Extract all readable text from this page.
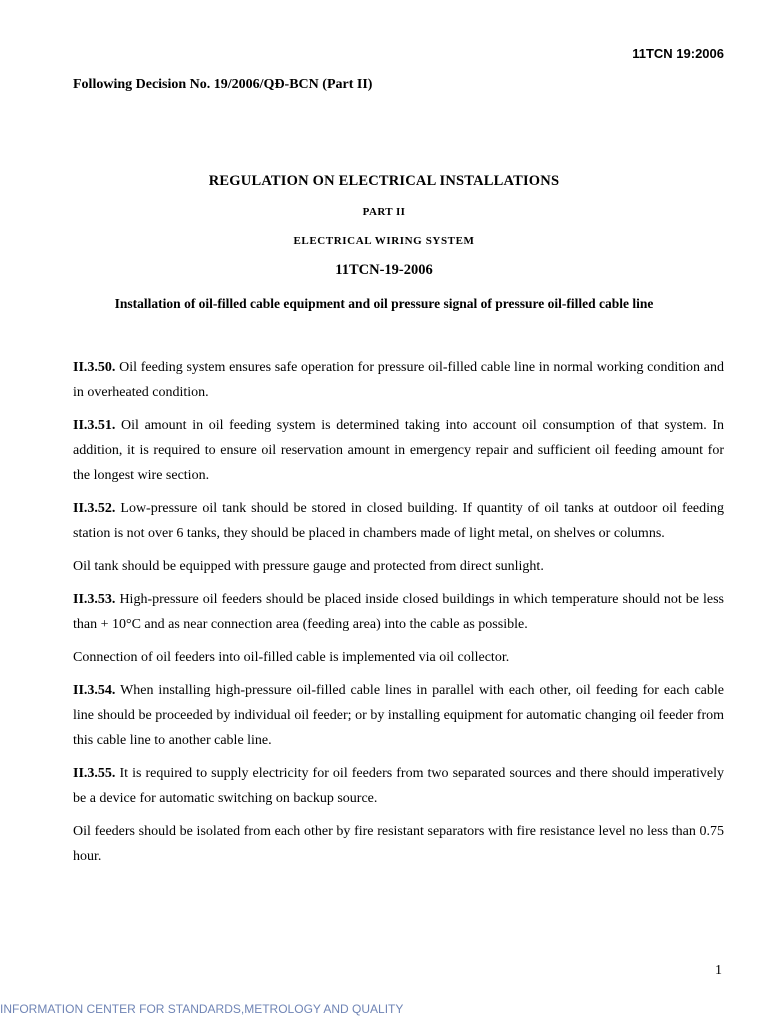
11TCN 19:2006
Following Decision No. 19/2006/QĐ-BCN (Part II)
REGULATION ON ELECTRICAL INSTALLATIONS
PART II
ELECTRICAL WIRING SYSTEM
11TCN-19-2006
Installation of oil-filled cable equipment and oil pressure signal of pressure oil-filled cable line

II.3.50. Oil feeding system ensures safe operation for pressure oil-filled cable line in normal working condition and in overheated condition.

II.3.51. Oil amount in oil feeding system is determined taking into account oil consumption of that system. In addition, it is required to ensure oil reservation amount in emergency repair and sufficient oil feeding amount for the longest wire section.

II.3.52. Low-pressure oil tank should be stored in closed building. If quantity of oil tanks at outdoor oil feeding station is not over 6 tanks, they should be placed in chambers made of light metal, on shelves or columns.

Oil tank should be equipped with pressure gauge and protected from direct sunlight.

II.3.53. High-pressure oil feeders should be placed inside closed buildings in which temperature should not be less than + 10°C and as near connection area (feeding area) into the cable as possible.

Connection of oil feeders into oil-filled cable is implemented via oil collector.

II.3.54. When installing high-pressure oil-filled cable lines in parallel with each other, oil feeding for each cable line should be proceeded by individual oil feeder; or by installing equipment for automatic changing oil feeder from this cable line to another cable line.

II.3.55. It is required to supply electricity for oil feeders from two separated sources and there should imperatively be a device for automatic switching on backup source.

Oil feeders should be isolated from each other by fire resistant separators with fire resistance level no less than 0.75 hour.

1
INFORMATION CENTER FOR STANDARDS,METROLOGY AND QUALITY
